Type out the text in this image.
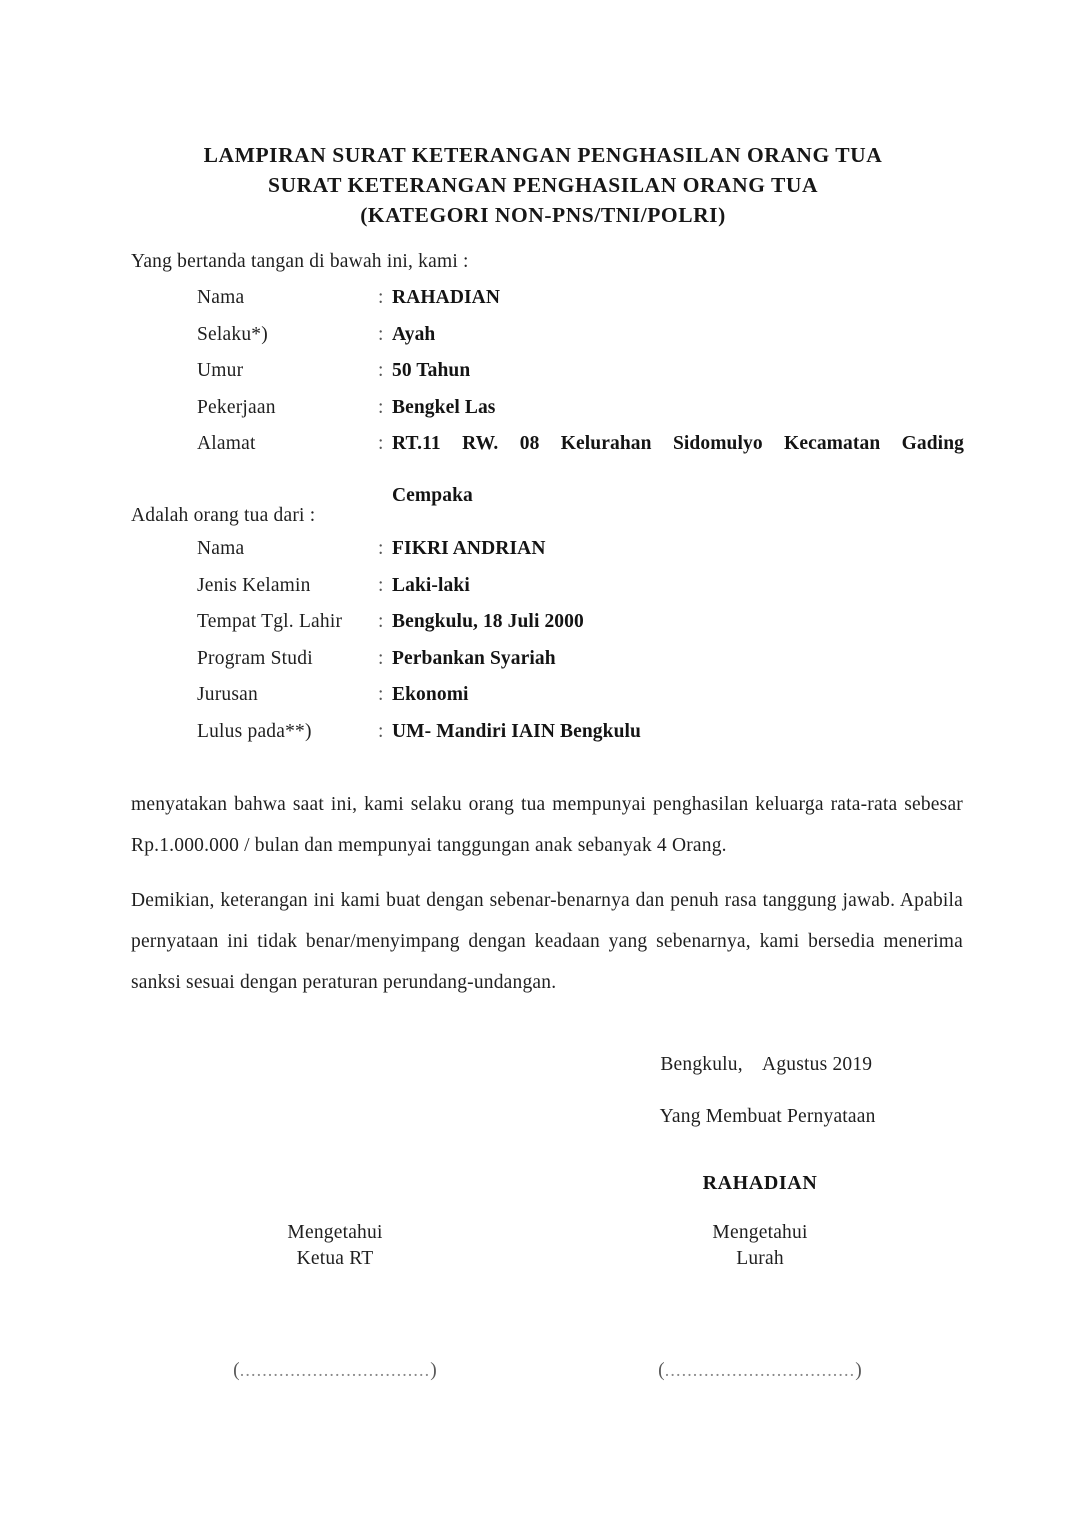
LAMPIRAN SURAT KETERANGAN PENGHASILAN ORANG TUA
SURAT KETERANGAN PENGHASILAN ORANG TUA
(KATEGORI NON-PNS/TNI/POLRI)
Yang bertanda tangan di bawah ini, kami :
Nama	: RAHADIAN
Selaku*)	: Ayah
Umur	: 50 Tahun
Pekerjaan	: Bengkel Las
Alamat	: RT.11 RW. 08 Kelurahan Sidomulyo Kecamatan Gading
Cempaka
Adalah orang tua dari :
Nama	: FIKRI ANDRIAN
Jenis Kelamin	: Laki-laki
Tempat Tgl. Lahir	: Bengkulu, 18 Juli 2000
Program Studi	: Perbankan Syariah
Jurusan	: Ekonomi
Lulus pada**)	: UM- Mandiri IAIN Bengkulu
menyatakan bahwa saat ini, kami selaku orang tua mempunyai penghasilan keluarga rata-rata sebesar Rp.1.000.000 / bulan dan mempunyai tanggungan anak sebanyak 4 Orang.
Demikian, keterangan ini kami buat dengan sebenar-benarnya dan penuh rasa tanggung jawab. Apabila pernyataan ini tidak benar/menyimpang dengan keadaan yang sebenarnya, kami bersedia menerima sanksi sesuai dengan peraturan perundang-undangan.

Bengkulu,    Agustus 2019

Yang Membuat Pernyataan

RAHADIAN
Mengetahui
Ketua RT
Mengetahui
Lurah
(..................................)	(..................................)
